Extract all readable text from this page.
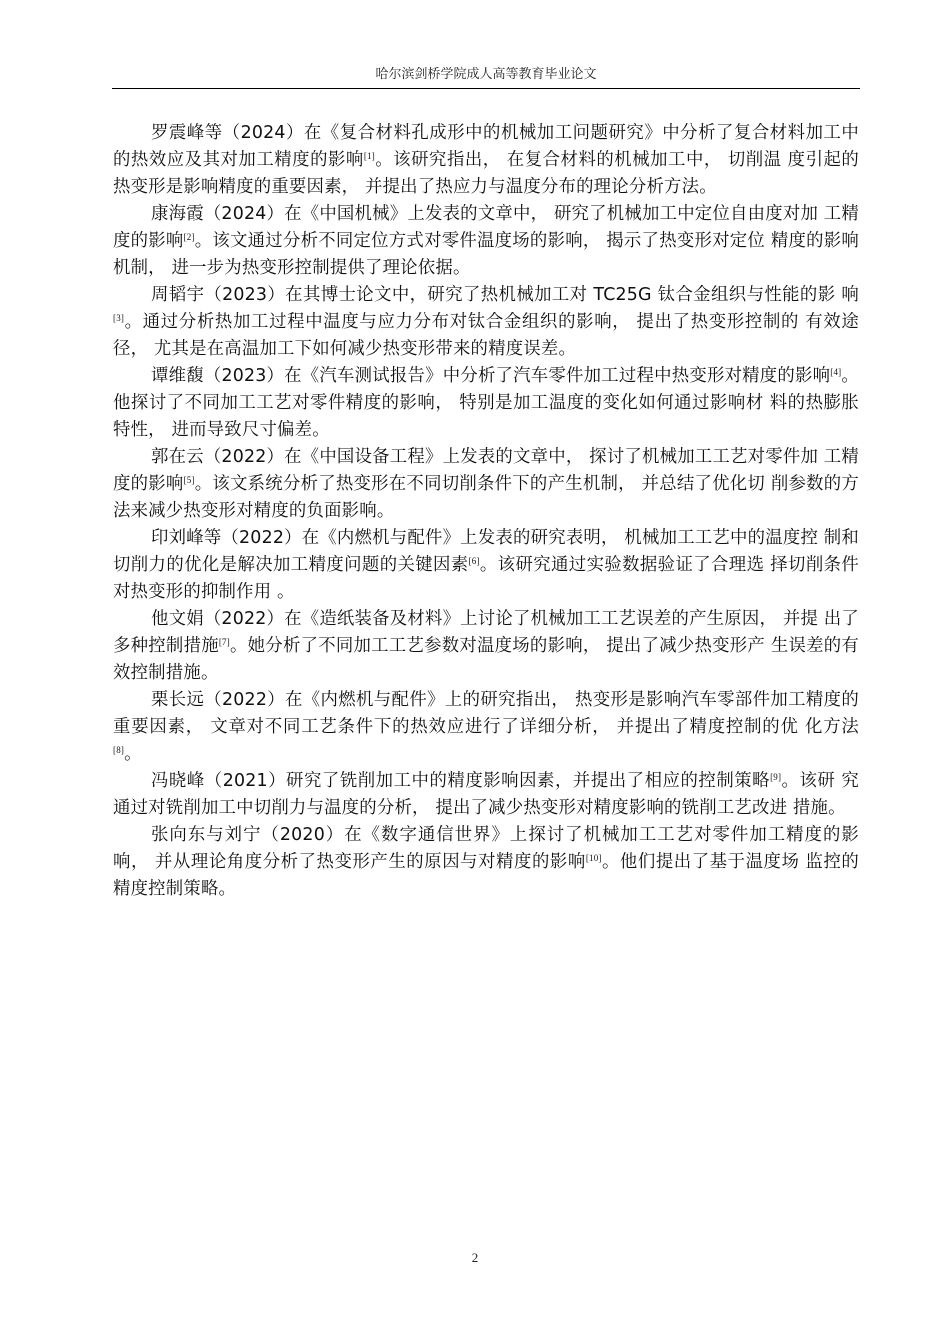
哈尔滨剑桥学院成人高等教育毕业论文

罗震峰等（2024）在《复合材料孔成形中的机械加工问题研究》中分析了复合材料加工中的热效应及其对加工精度的影响[1]。该研究指出， 在复合材料的机械加工中， 切削温 度引起的热变形是影响精度的重要因素， 并提出了热应力与温度分布的理论分析方法。

康海霞（2024）在《中国机械》上发表的文章中， 研究了机械加工中定位自由度对加 工精度的影响[2]。该文通过分析不同定位方式对零件温度场的影响， 揭示了热变形对定位 精度的影响机制， 进一步为热变形控制提供了理论依据。

周韬宇（2023）在其博士论文中，研究了热机械加工对 TC25G 钛合金组织与性能的影 响[3]。通过分析热加工过程中温度与应力分布对钛合金组织的影响， 提出了热变形控制的 有效途径， 尤其是在高温加工下如何减少热变形带来的精度误差。

谭维馥（2023）在《汽车测试报告》中分析了汽车零件加工过程中热变形对精度的影响[4]。他探讨了不同加工工艺对零件精度的影响， 特别是加工温度的变化如何通过影响材 料的热膨胀特性， 进而导致尺寸偏差。

郭在云（2022）在《中国设备工程》上发表的文章中， 探讨了机械加工工艺对零件加 工精度的影响[5]。该文系统分析了热变形在不同切削条件下的产生机制， 并总结了优化切 削参数的方法来减少热变形对精度的负面影响。

印刘峰等（2022）在《内燃机与配件》上发表的研究表明， 机械加工工艺中的温度控 制和切削力的优化是解决加工精度问题的关键因素[6]。该研究通过实验数据验证了合理选 择切削条件对热变形的抑制作用 。

他文娟（2022）在《造纸装备及材料》上讨论了机械加工工艺误差的产生原因， 并提 出了多种控制措施[7]。她分析了不同加工工艺参数对温度场的影响， 提出了减少热变形产 生误差的有效控制措施。

栗长远（2022）在《内燃机与配件》上的研究指出， 热变形是影响汽车零部件加工精度的重要因素， 文章对不同工艺条件下的热效应进行了详细分析， 并提出了精度控制的优 化方法[8]。

冯晓峰（2021）研究了铣削加工中的精度影响因素，并提出了相应的控制策略[9]。该研 究通过对铣削加工中切削力与温度的分析， 提出了减少热变形对精度影响的铣削工艺改进 措施。

张向东与刘宁（2020）在《数字通信世界》上探讨了机械加工工艺对零件加工精度的影响， 并从理论角度分析了热变形产生的原因与对精度的影响[10]。他们提出了基于温度场 监控的精度控制策略。

2
